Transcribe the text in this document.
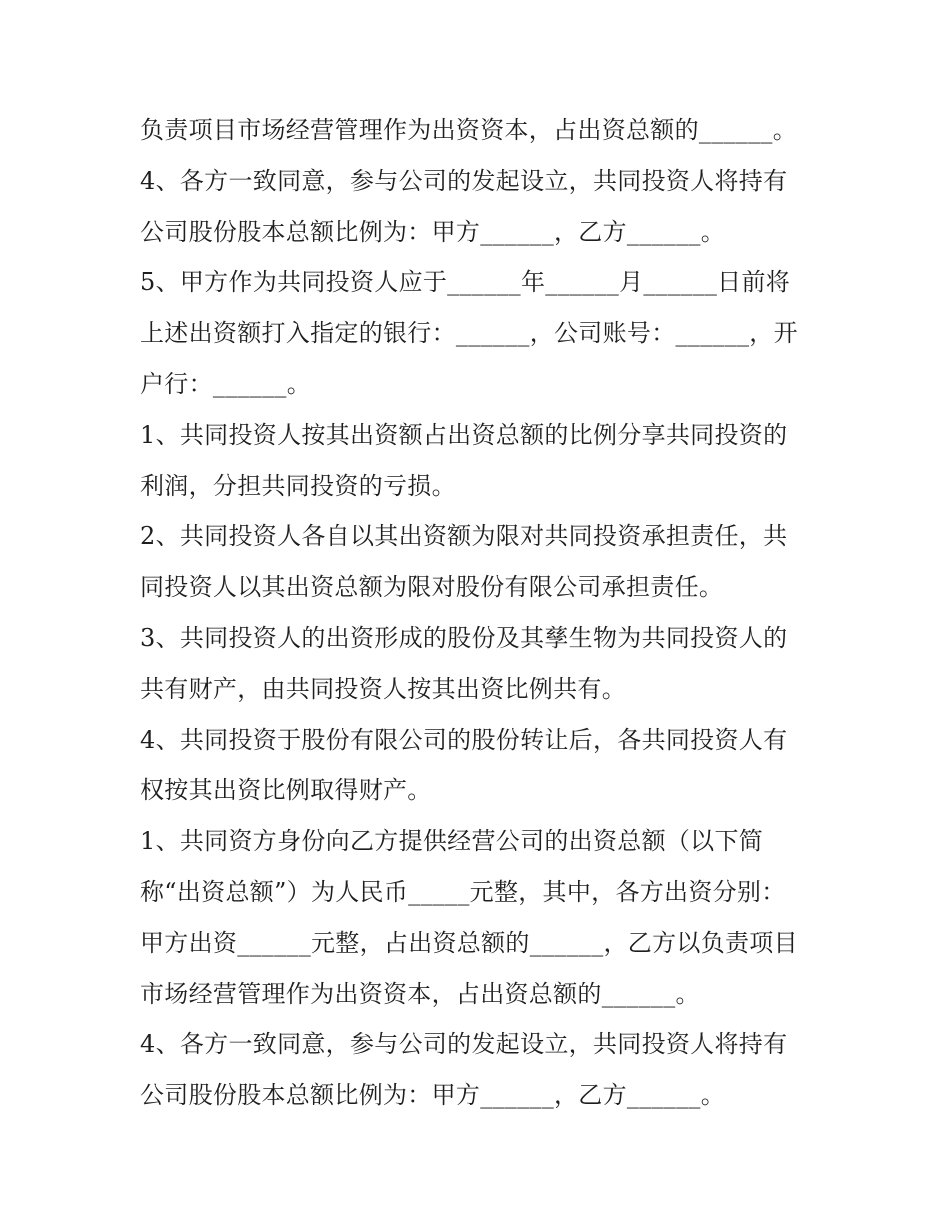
负责项目市场经营管理作为出资资本，占出资总额的______。
4、各方一致同意，参与公司的发起设立，共同投资人将持有
公司股份股本总额比例为：甲方______，乙方______。
5、甲方作为共同投资人应于______年______月______日前将
上述出资额打入指定的银行：______，公司账号：______，开
户行：______。
1、共同投资人按其出资额占出资总额的比例分享共同投资的
利润，分担共同投资的亏损。
2、共同投资人各自以其出资额为限对共同投资承担责任，共
同投资人以其出资总额为限对股份有限公司承担责任。
3、共同投资人的出资形成的股份及其孳生物为共同投资人的
共有财产，由共同投资人按其出资比例共有。
4、共同投资于股份有限公司的股份转让后，各共同投资人有
权按其出资比例取得财产。
1、共同资方身份向乙方提供经营公司的出资总额（以下简
称“出资总额”）为人民币_____元整，其中，各方出资分别：
甲方出资______元整，占出资总额的______，乙方以负责项目
市场经营管理作为出资资本，占出资总额的______。
4、各方一致同意，参与公司的发起设立，共同投资人将持有
公司股份股本总额比例为：甲方______，乙方______。
